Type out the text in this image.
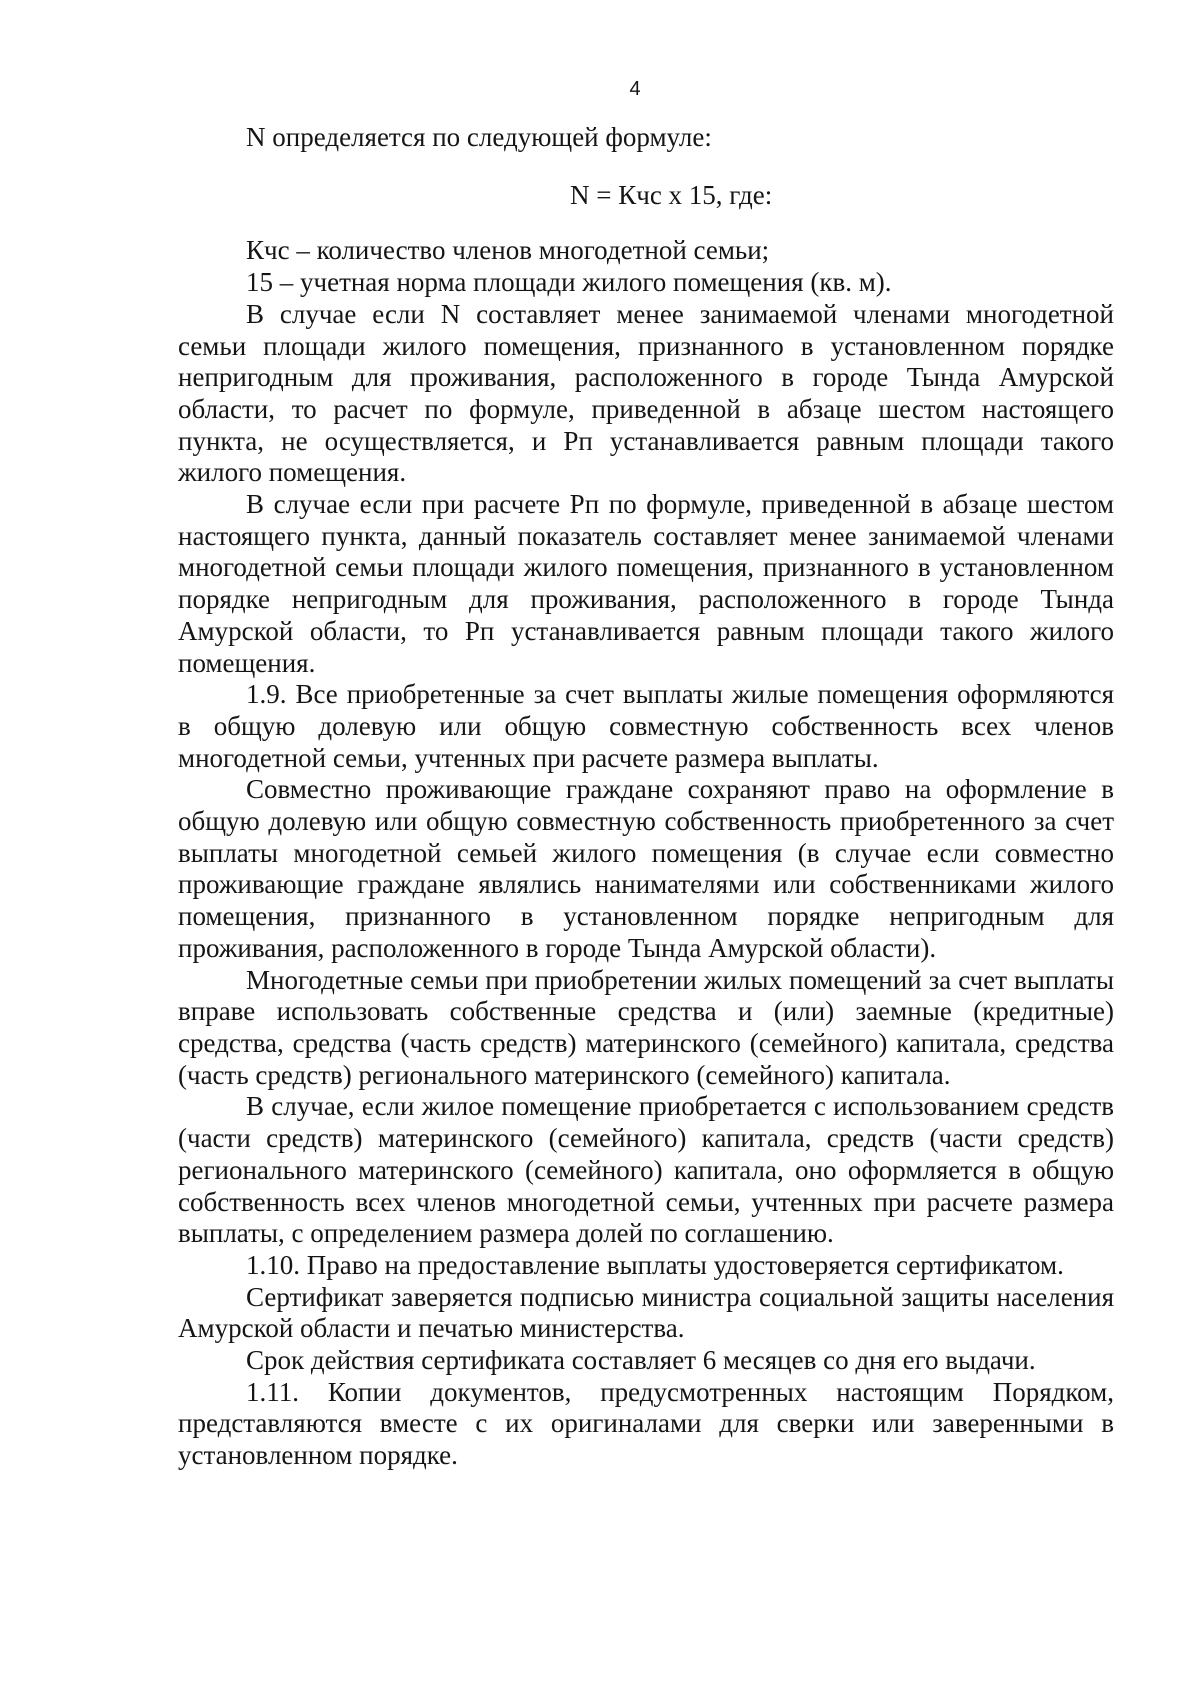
4

N определяется по следующей формуле:

N = Кчс x 15, где:

Кчс – количество членов многодетной семьи;

15 – учетная норма площади жилого помещения (кв. м).

В случае если N составляет менее занимаемой членами многодетной семьи площади жилого помещения, признанного в установленном порядке непригодным для проживания, расположенного в городе Тында Амурской области, то расчет по формуле, приведенной в абзаце шестом настоящего пункта, не осуществляется, и Рп устанавливается равным площади такого жилого помещения.

В случае если при расчете Рп по формуле, приведенной в абзаце шестом настоящего пункта, данный показатель составляет менее занимаемой членами многодетной семьи площади жилого помещения, признанного в установленном порядке непригодным для проживания, расположенного в городе Тында Амурской области, то Рп устанавливается равным площади такого жилого помещения.

1.9. Все приобретенные за счет выплаты жилые помещения оформляются в общую долевую или общую совместную собственность всех членов многодетной семьи, учтенных при расчете размера выплаты.

Совместно проживающие граждане сохраняют право на оформление в общую долевую или общую совместную собственность приобретенного за счет выплаты многодетной семьей жилого помещения (в случае если совместно проживающие граждане являлись нанимателями или собственниками жилого помещения, признанного в установленном порядке непригодным для проживания, расположенного в городе Тында Амурской области).

Многодетные семьи при приобретении жилых помещений за счет выплаты вправе использовать собственные средства и (или) заемные (кредитные) средства, средства (часть средств) материнского (семейного) капитала, средства (часть средств) регионального материнского (семейного) капитала.

В случае, если жилое помещение приобретается с использованием средств (части средств) материнского (семейного) капитала, средств (части средств) регионального материнского (семейного) капитала, оно оформляется в общую собственность всех членов многодетной семьи, учтенных при расчете размера выплаты, с определением размера долей по соглашению.

1.10. Право на предоставление выплаты удостоверяется сертификатом.

Сертификат заверяется подписью министра социальной защиты населения Амурской области и печатью министерства.

Срок действия сертификата составляет 6 месяцев со дня его выдачи.

1.11. Копии документов, предусмотренных настоящим Порядком, представляются вместе с их оригиналами для сверки или заверенными в установленном порядке.
